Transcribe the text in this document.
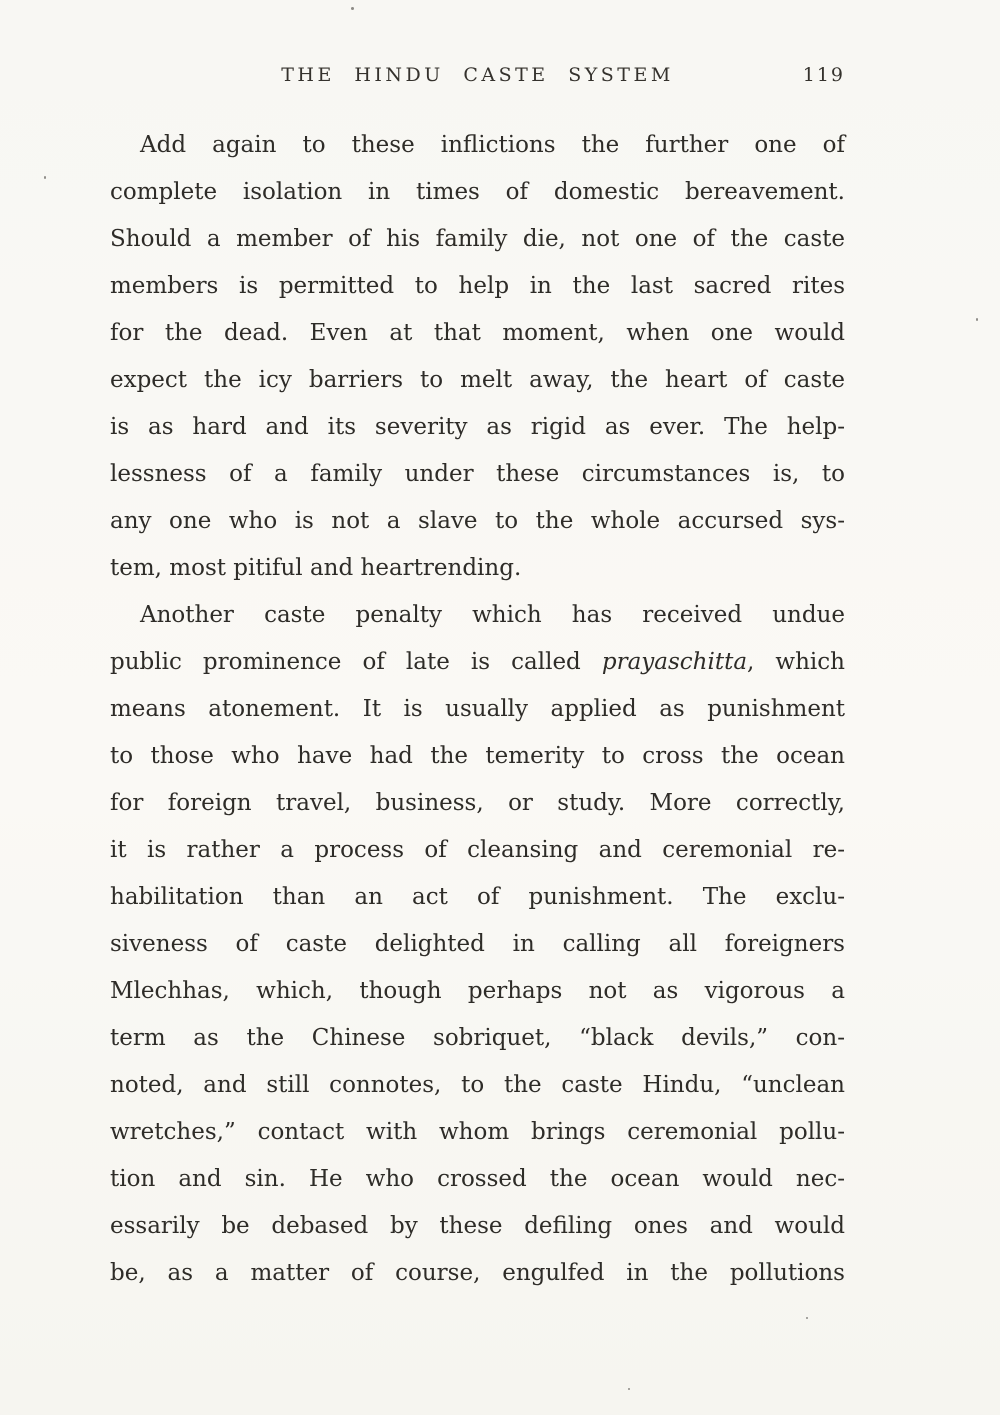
THE HINDU CASTE SYSTEM	119
Add again to these inflictions the further one of
complete isolation in times of domestic bereavement.
Should a member of his family die, not one of the caste
members is permitted to help in the last sacred rites
for the dead. Even at that moment, when one would
expect the icy barriers to melt away, the heart of caste
is as hard and its severity as rigid as ever. The help-
lessness of a family under these circumstances is, to
any one who is not a slave to the whole accursed sys-
tem, most pitiful and heartrending.
Another caste penalty which has received undue
public prominence of late is called prayaschitta, which
means atonement. It is usually applied as punishment
to those who have had the temerity to cross the ocean
for foreign travel, business, or study. More correctly,
it is rather a process of cleansing and ceremonial re-
habilitation than an act of punishment. The exclu-
siveness of caste delighted in calling all foreigners
Mlechhas, which, though perhaps not as vigorous a
term as the Chinese sobriquet, “black devils,” con-
noted, and still connotes, to the caste Hindu, “unclean
wretches,” contact with whom brings ceremonial pollu-
tion and sin. He who crossed the ocean would nec-
essarily be debased by these defiling ones and would
be, as a matter of course, engulfed in the pollutions
